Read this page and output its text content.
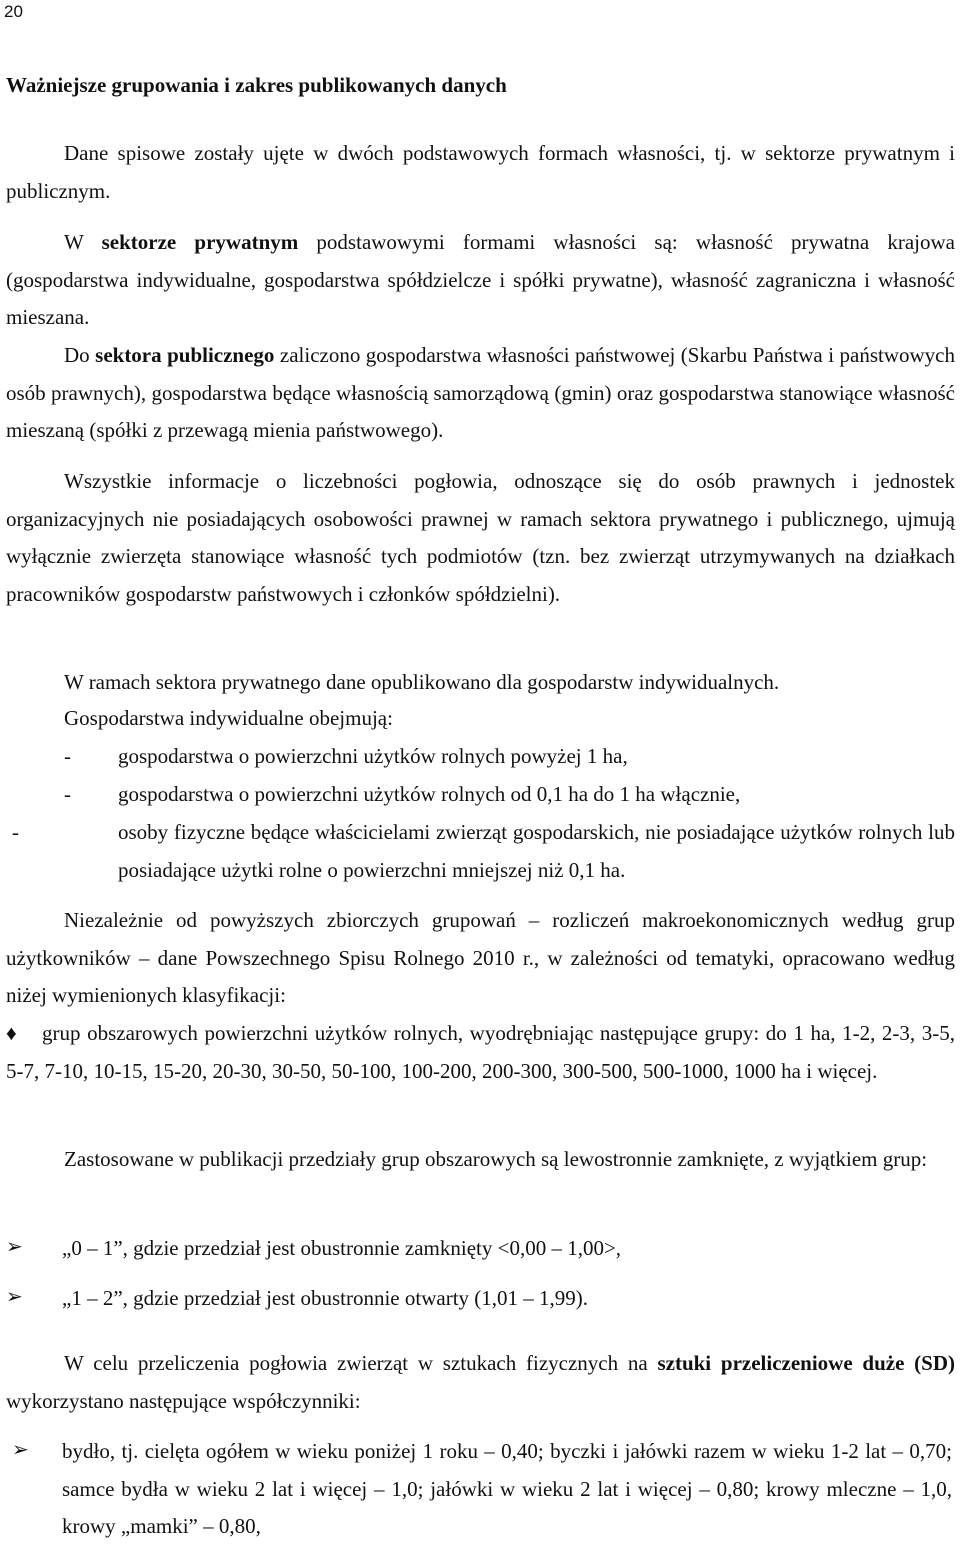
20
Ważniejsze grupowania i zakres publikowanych danych
Dane spisowe zostały ujęte w dwóch podstawowych formach własności, tj. w sektorze prywatnym i publicznym.
W sektorze prywatnym podstawowymi formami własności są: własność prywatna krajowa (gospodarstwa indywidualne, gospodarstwa spółdzielcze i spółki prywatne), własność zagraniczna i własność mieszana.
Do sektora publicznego zaliczono gospodarstwa własności państwowej (Skarbu Państwa i państwowych osób prawnych), gospodarstwa będące własnością samorządową (gmin) oraz gospodarstwa stanowiące własność mieszaną (spółki z przewagą mienia państwowego).
Wszystkie informacje o liczebności pogłowia, odnoszące się do osób prawnych i jednostek organizacyjnych nie posiadających osobowości prawnej w ramach sektora prywatnego i publicznego, ujmują wyłącznie zwierzęta stanowiące własność tych podmiotów (tzn. bez zwierząt utrzymywanych na działkach pracowników gospodarstw państwowych i członków spółdzielni).
W ramach sektora prywatnego dane opublikowano dla gospodarstw indywidualnych.
Gospodarstwa indywidualne obejmują:
- gospodarstwa o powierzchni użytków rolnych powyżej 1 ha,
- gospodarstwa o powierzchni użytków rolnych od 0,1 ha do 1 ha włącznie,
-	osoby fizyczne będące właścicielami zwierząt gospodarskich, nie posiadające użytków rolnych lub posiadające użytki rolne o powierzchni mniejszej niż 0,1 ha.
Niezależnie od powyższych zbiorczych grupowań – rozliczeń makroekonomicznych według grup użytkowników – dane Powszechnego Spisu Rolnego 2010 r., w zależności od tematyki, opracowano według niżej wymienionych klasyfikacji:
♦ grup obszarowych powierzchni użytków rolnych, wyodrębniając następujące grupy: do 1 ha, 1-2, 2-3, 3-5, 5-7, 7-10, 10-15, 15-20, 20-30, 30-50, 50-100, 100-200, 200-300, 300-500, 500-1000, 1000 ha i więcej.
Zastosowane w publikacji przedziały grup obszarowych są lewostronnie zamknięte, z wyjątkiem grup:
➢ „0 – 1”, gdzie przedział jest obustronnie zamknięty <0,00 – 1,00>,
➢ „1 – 2”, gdzie przedział jest obustronnie otwarty (1,01 – 1,99).
W celu przeliczenia pogłowia zwierząt w sztukach fizycznych na sztuki przeliczeniowe duże (SD) wykorzystano następujące współczynniki:
➢ bydło, tj. cielęta ogółem w wieku poniżej 1 roku – 0,40; byczki i jałówki razem w wieku 1-2 lat – 0,70; samce bydła w wieku 2 lat i więcej – 1,0; jałówki w wieku 2 lat i więcej – 0,80; krowy mleczne – 1,0, krowy „mamki” – 0,80,
